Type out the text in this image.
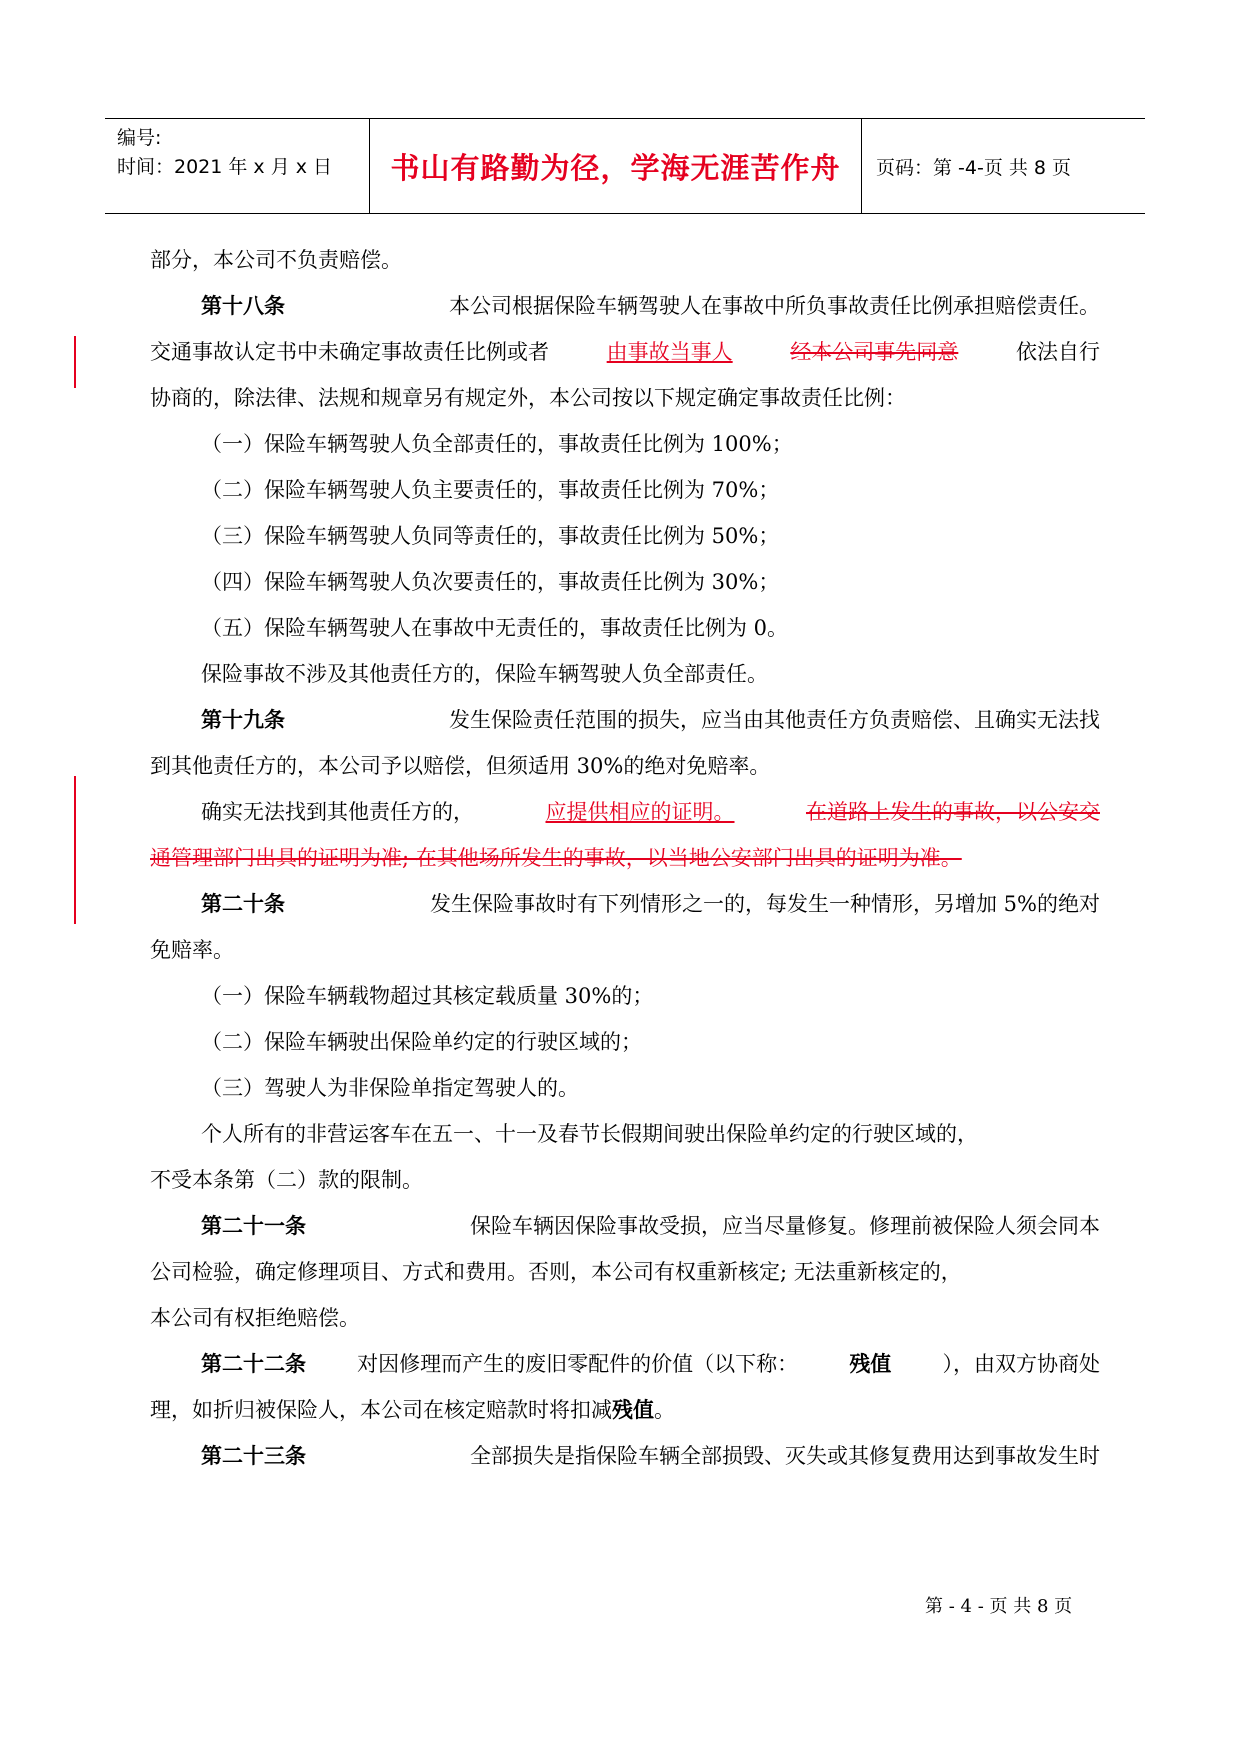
编号:
时间：2021 年 x 月 x 日 书山有路勤为径，学海无涯苦作舟	页码：第 -4-页 共 8 页
部分，本公司不负责赔偿。
第十八条	本公司根据保险车辆驾驶人在事故中所负事故责任比例承担赔偿责任。
交通事故认定书中未确定事故责任比例或者	由事故当事人	经本公司事先同意	依法自行
协商的，除法律、法规和规章另有规定外，本公司按以下规定确定事故责任比例：
（一）保险车辆驾驶人负全部责任的，事故责任比例为 100%；
（二）保险车辆驾驶人负主要责任的，事故责任比例为 70%；
（三）保险车辆驾驶人负同等责任的，事故责任比例为 50%；
（四）保险车辆驾驶人负次要责任的，事故责任比例为 30%；
（五）保险车辆驾驶人在事故中无责任的，事故责任比例为 0。
保险事故不涉及其他责任方的，保险车辆驾驶人负全部责任。
第十九条	发生保险责任范围的损失，应当由其他责任方负责赔偿、且确实无法找
到其他责任方的，本公司予以赔偿，但须适用 30%的绝对免赔率。
确实无法找到其他责任方的，	应提供相应的证明。	在道路上发生的事故，以公安交
通管理部门出具的证明为准; 在其他场所发生的事故，以当地公安部门出具的证明为准。
第二十条	发生保险事故时有下列情形之一的，每发生一种情形，另增加 5%的绝对
免赔率。
（一）保险车辆载物超过其核定载质量 30%的；
（二）保险车辆驶出保险单约定的行驶区域的；
（三）驾驶人为非保险单指定驾驶人的。
个人所有的非营运客车在五一、十一及春节长假期间驶出保险单约定的行驶区域的，
不受本条第（二）款的限制。
第二十一条	保险车辆因保险事故受损，应当尽量修复。修理前被保险人须会同本
公司检验，确定修理项目、方式和费用。否则，本公司有权重新核定; 无法重新核定的，
本公司有权拒绝赔偿。
第二十二条 对因修理而产生的废旧零配件的价值（以下称： 残值 ），由双方协商处
理，如折归被保险人，本公司在核定赔款时将扣减残值。
第二十三条	全部损失是指保险车辆全部损毁、灭失或其修复费用达到事故发生时
第 - 4 - 页 共 8 页
